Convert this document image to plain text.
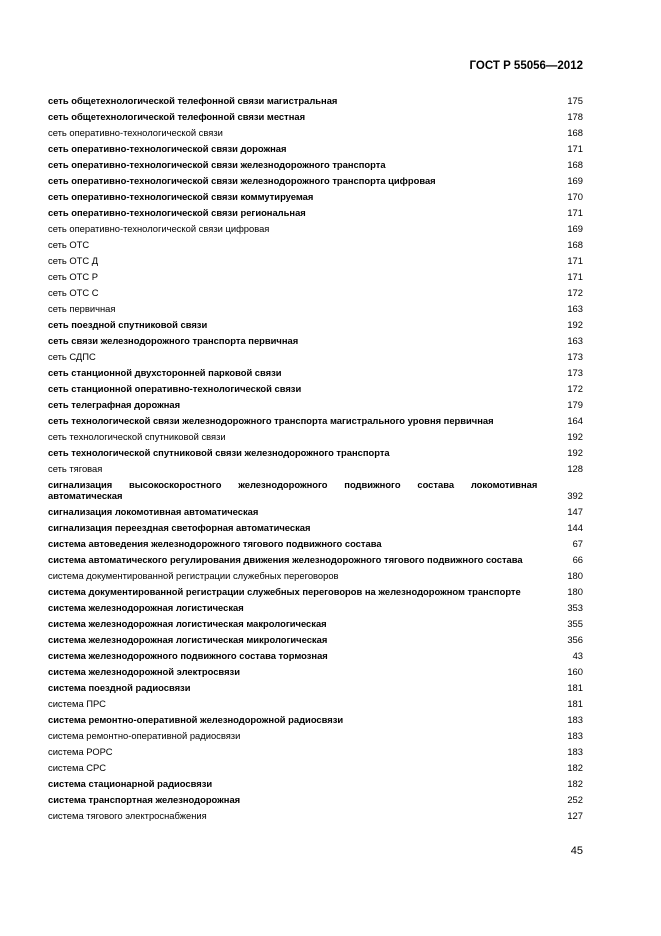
ГОСТ Р 55056—2012
сеть общетехнологической телефонной связи магистральная	175
сеть общетехнологической телефонной связи местная	178
сеть оперативно-технологической связи	168
сеть оперативно-технологической связи дорожная	171
сеть оперативно-технологической связи железнодорожного транспорта	168
сеть оперативно-технологической связи железнодорожного транспорта цифровая	169
сеть оперативно-технологической связи коммутируемая	170
сеть оперативно-технологической связи региональная	171
сеть оперативно-технологической связи цифровая	169
сеть ОТС	168
сеть ОТС Д	171
сеть ОТС Р	171
сеть ОТС С	172
сеть первичная	163
сеть поездной спутниковой связи	192
сеть связи железнодорожного транспорта первичная	163
сеть СДПС	173
сеть станционной двухсторонней парковой связи	173
сеть станционной оперативно-технологической связи	172
сеть телеграфная дорожная	179
сеть технологической связи железнодорожного транспорта магистрального уровня первичная	164
сеть технологической спутниковой связи	192
сеть технологической спутниковой связи железнодорожного транспорта	192
сеть тяговая	128
сигнализация высокоскоростного железнодорожного подвижного состава локомотивная автоматическая	392
сигнализация локомотивная автоматическая	147
сигнализация переездная светофорная автоматическая	144
система автоведения железнодорожного тягового подвижного состава	67
система автоматического регулирования движения железнодорожного тягового подвижного состава	66
система документированной регистрации служебных переговоров	180
система документированной регистрации служебных переговоров на железнодорожном транспорте	180
система железнодорожная логистическая	353
система железнодорожная логистическая макрологическая	355
система железнодорожная логистическая микрологическая	356
система железнодорожного подвижного состава тормозная	43
система железнодорожной электросвязи	160
система поездной радиосвязи	181
система ПРС	181
система ремонтно-оперативной железнодорожной радиосвязи	183
система ремонтно-оперативной радиосвязи	183
система РОРС	183
система СРС	182
система стационарной радиосвязи	182
система транспортная железнодорожная	252
система тягового электроснабжения	127
45
